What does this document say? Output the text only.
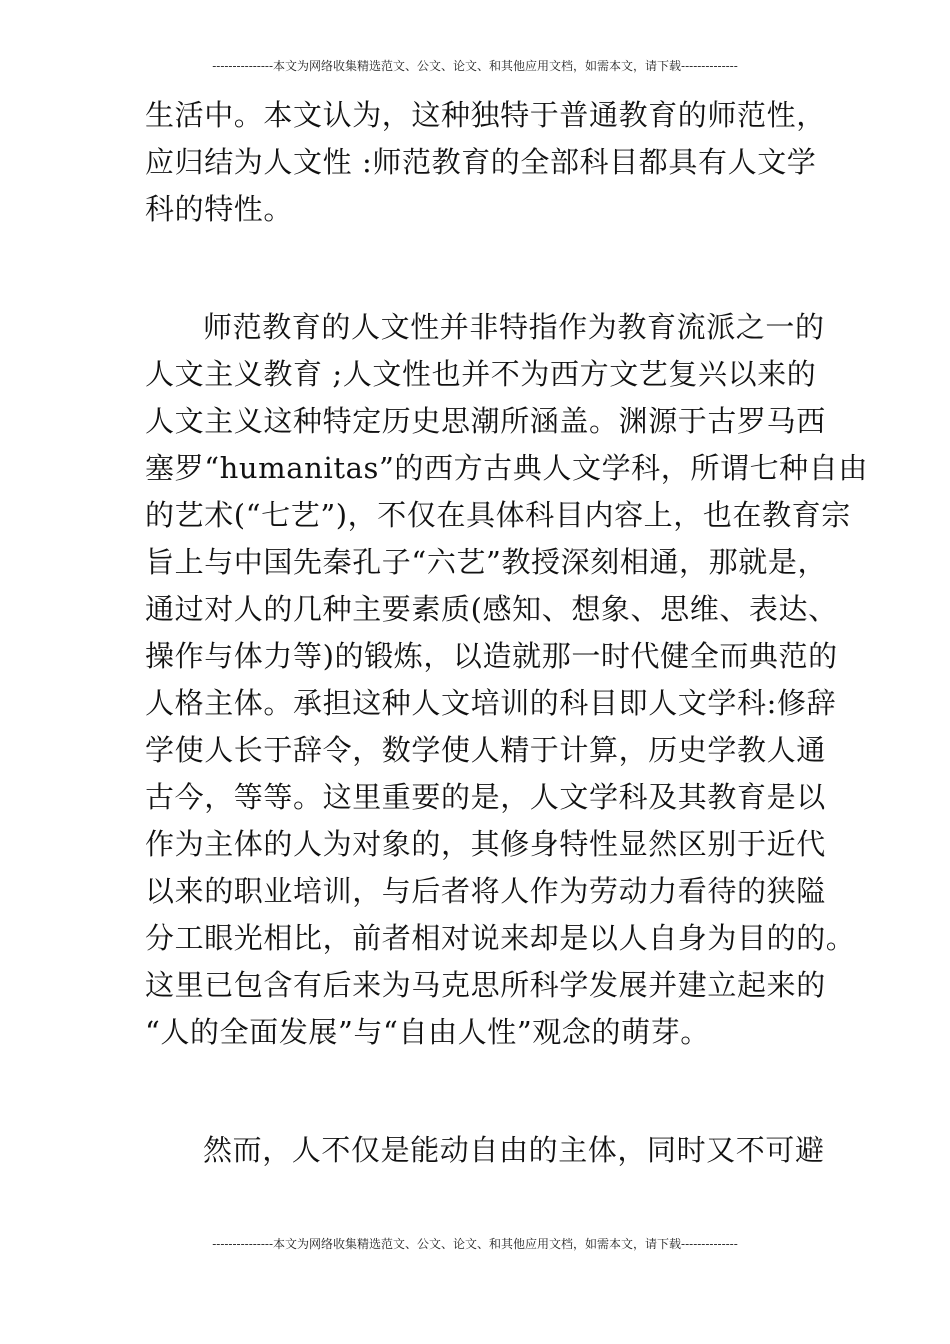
---------------本文为网络收集精选范文、公文、论文、和其他应用文档，如需本文，请下载--------------
生活中。本文认为，这种独特于普通教育的师范性，
应归结为人文性 :师范教育的全部科目都具有人文学
科的特性。
师范教育的人文性并非特指作为教育流派之一的
人文主义教育 ;人文性也并不为西方文艺复兴以来的
人文主义这种特定历史思潮所涵盖。渊源于古罗马西
塞罗“humanitas”的西方古典人文学科，所谓七种自由
的艺术(“七艺”)，不仅在具体科目内容上，也在教育宗
旨上与中国先秦孔子“六艺”教授深刻相通，那就是，
通过对人的几种主要素质(感知、想象、思维、表达、
操作与体力等)的锻炼，以造就那一时代健全而典范的
人格主体。承担这种人文培训的科目即人文学科:修辞
学使人长于辞令，数学使人精于计算，历史学教人通
古今，等等。这里重要的是，人文学科及其教育是以
作为主体的人为对象的，其修身特性显然区别于近代
以来的职业培训，与后者将人作为劳动力看待的狭隘
分工眼光相比，前者相对说来却是以人自身为目的的。
这里已包含有后来为马克思所科学发展并建立起来的
“人的全面发展”与“自由人性”观念的萌芽。
然而，人不仅是能动自由的主体，同时又不可避
---------------本文为网络收集精选范文、公文、论文、和其他应用文档，如需本文，请下载--------------
